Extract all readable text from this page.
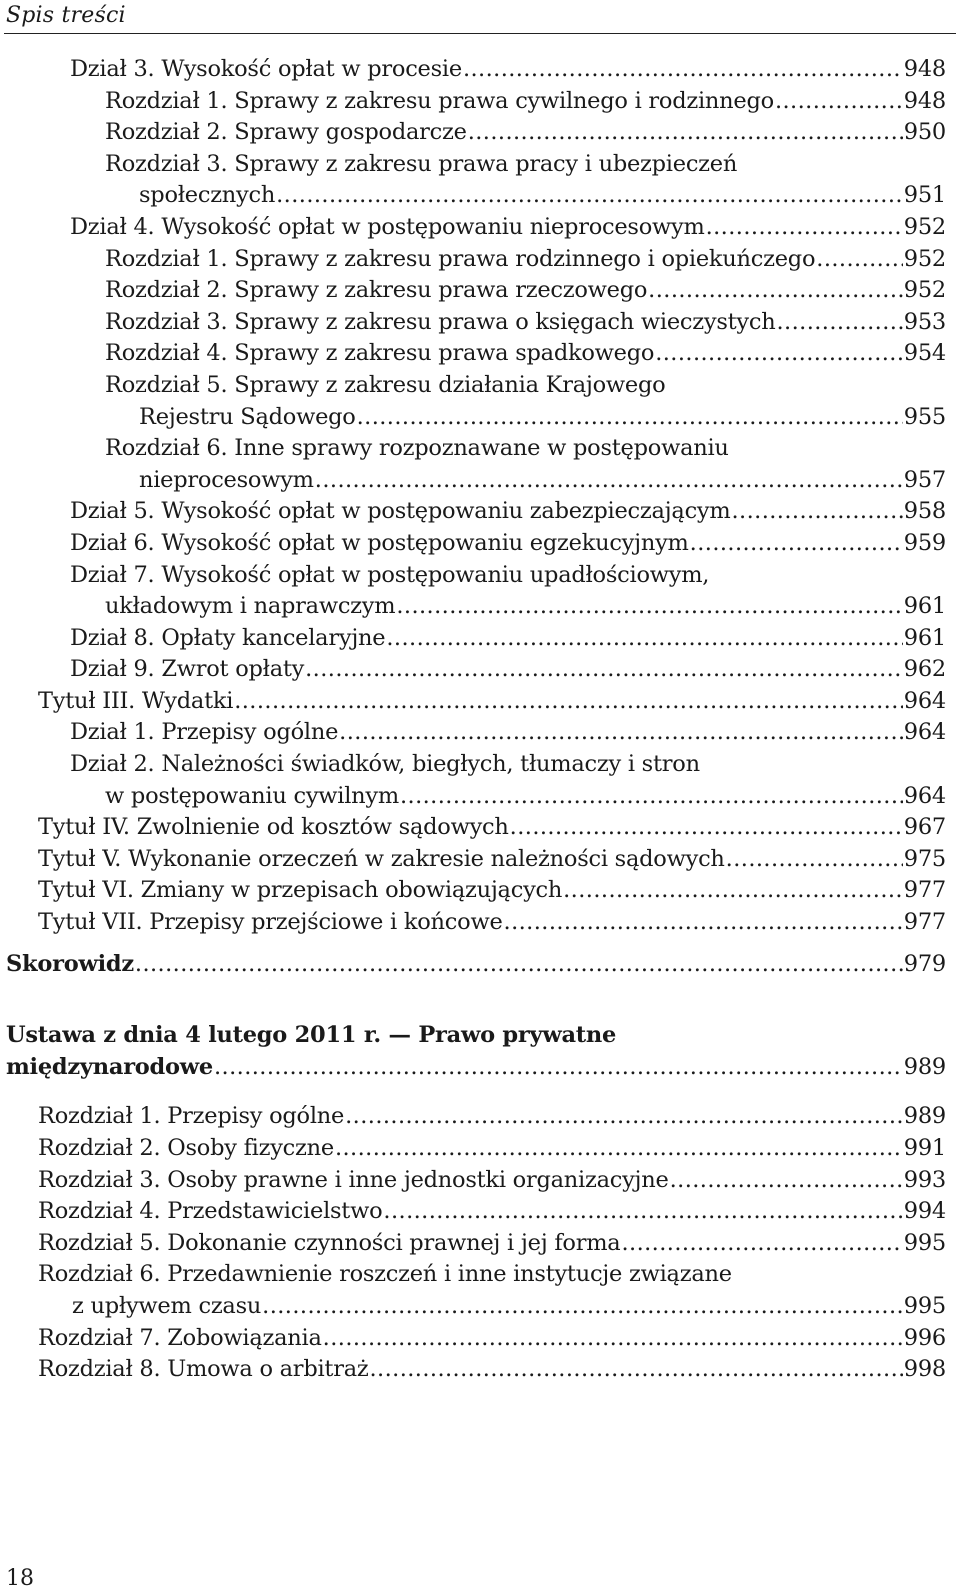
Spis treści
Dział 3. Wysokość opłat w procesie .....	948
Rozdział 1. Sprawy z zakresu prawa cywilnego i rodzinnego .....	948
Rozdział 2. Sprawy gospodarcze .....	950
Rozdział 3. Sprawy z zakresu prawa pracy i ubezpieczeń
społecznych .....	951
Dział 4. Wysokość opłat w postępowaniu nieprocesowym .....	952
Rozdział 1. Sprawy z zakresu prawa rodzinnego i opiekuńczego .....	952
Rozdział 2. Sprawy z zakresu prawa rzeczowego .....	952
Rozdział 3. Sprawy z zakresu prawa o księgach wieczystych .....	953
Rozdział 4. Sprawy z zakresu prawa spadkowego .....	954
Rozdział 5. Sprawy z zakresu działania Krajowego
Rejestru Sądowego .....	955
Rozdział 6. Inne sprawy rozpoznawane w postępowaniu
nieprocesowym .....	957
Dział 5. Wysokość opłat w postępowaniu zabezpieczającym .....	958
Dział 6. Wysokość opłat w postępowaniu egzekucyjnym .....	959
Dział 7. Wysokość opłat w postępowaniu upadłościowym,
układowym i naprawczym .....	961
Dział 8. Opłaty kancelaryjne .....	961
Dział 9. Zwrot opłaty .....	962
Tytuł III. Wydatki .....	964
Dział 1. Przepisy ogólne .....	964
Dział 2. Należności świadków, biegłych, tłumaczy i stron
w postępowaniu cywilnym .....	964
Tytuł IV. Zwolnienie od kosztów sądowych .....	967
Tytuł V. Wykonanie orzeczeń w zakresie należności sądowych .....	975
Tytuł VI. Zmiany w przepisach obowiązujących .....	977
Tytuł VII. Przepisy przejściowe i końcowe .....	977
Skorowidz .....	979
Ustawa z dnia 4 lutego 2011 r. — Prawo prywatne
międzynarodowe .....	989
Rozdział 1. Przepisy ogólne .....	989
Rozdział 2. Osoby fizyczne .....	991
Rozdział 3. Osoby prawne i inne jednostki organizacyjne .....	993
Rozdział 4. Przedstawicielstwo .....	994
Rozdział 5. Dokonanie czynności prawnej i jej forma .....	995
Rozdział 6. Przedawnienie roszczeń i inne instytucje związane
z upływem czasu .....	995
Rozdział 7. Zobowiązania .....	996
Rozdział 8. Umowa o arbitraż .....	998
18
